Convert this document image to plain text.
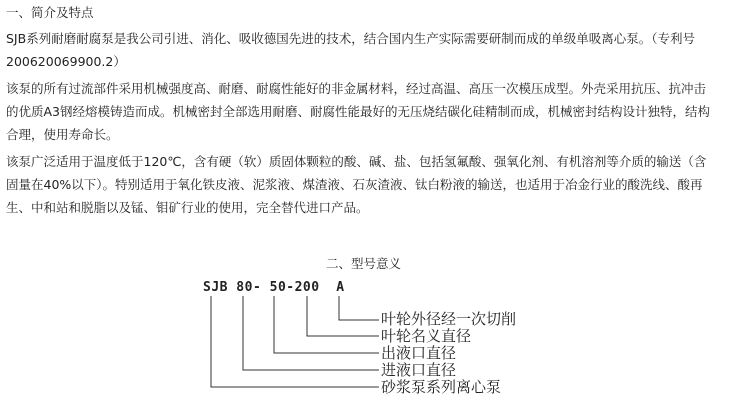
一、简介及特点

SJB系列耐磨耐腐泵是我公司引进、消化、吸收德国先进的技术，结合国内生产实际需要研制而成的单级单吸离心泵。（专利号200620069900.2）

该泵的所有过流部件采用机械强度高、耐磨、耐腐性能好的非金属材料，经过高温、高压一次模压成型。外壳采用抗压、抗冲击的优质A3钢经熔模铸造而成。机械密封全部选用耐磨、耐腐性能最好的无压烧结碳化硅精制而成，机械密封结构设计独特，结构合理，使用寿命长。

该泵广泛适用于温度低于120℃，含有硬（软）质固体颗粒的酸、碱、盐、包括氢氟酸、强氧化剂、有机溶剂等介质的输送（含固量在40%以下）。特别适用于氧化铁皮液、泥浆液、煤渣液、石灰渣液、钛白粉液的输送，也适用于冶金行业的酸洗线、酸再生、中和站和脱脂以及锰、钼矿行业的使用，完全替代进口产品。

二、型号意义
SJB 80- 50-200  A
叶轮外径经一次切削
叶轮名义直径
出液口直径
进液口直径
砂浆泵系列离心泵
